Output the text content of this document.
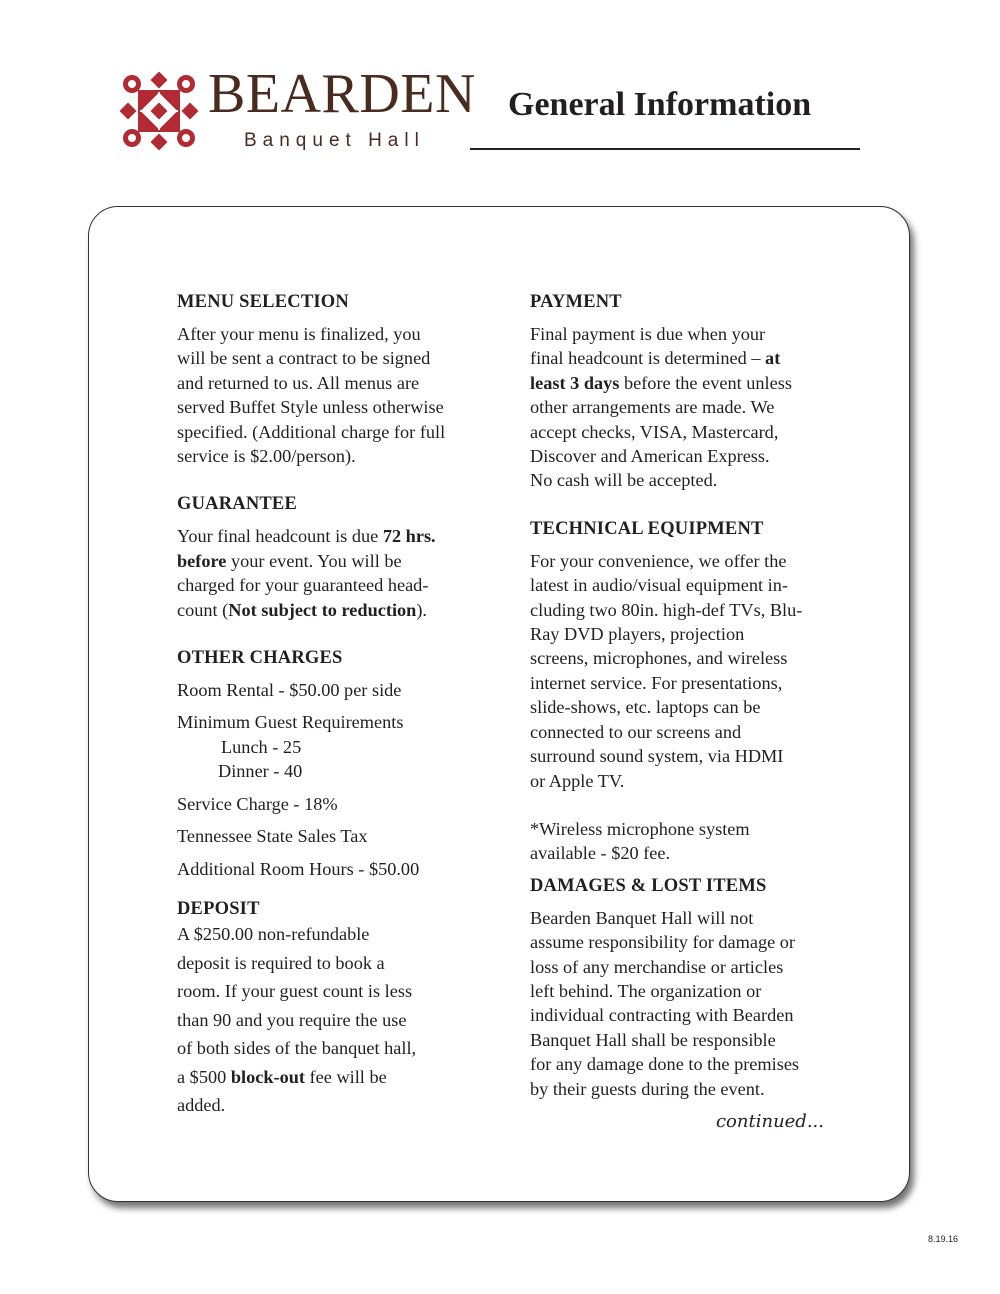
BEARDEN
Banquet Hall
General Information
MENU SELECTION

After your menu is finalized, you
will be sent a contract to be signed
and returned to us. All menus are
served Buffet Style unless otherwise
specified. (Additional charge for full
service is $2.00/person).

GUARANTEE

Your final headcount is due 72 hrs.
before your event. You will be
charged for your guaranteed head-
count (Not subject to reduction).

OTHER CHARGES
Room Rental - $50.00 per side
Minimum Guest Requirements
Lunch - 25
Dinner - 40
Service Charge - 18%
Tennessee State Sales Tax
Additional Room Hours - $50.00
DEPOSIT

A $250.00 non-refundable
deposit is required to book a
room. If your guest count is less
than 90 and you require the use
of both sides of the banquet hall,
a $500 block-out fee will be
added.

PAYMENT

Final payment is due when your
final headcount is determined – at
least 3 days before the event unless
other arrangements are made. We
accept checks, VISA, Mastercard,
Discover and American Express.
No cash will be accepted.

TECHNICAL EQUIPMENT

For your convenience, we offer the
latest in audio/visual equipment in-
cluding two 80in. high-def TVs, Blu-
Ray DVD players, projection
screens, microphones, and wireless
internet service. For presentations,
slide-shows, etc. laptops can be
connected to our screens and
surround sound system, via HDMI
or Apple TV.

*Wireless microphone system
available - $20 fee.

DAMAGES & LOST ITEMS

Bearden Banquet Hall will not
assume responsibility for damage or
loss of any merchandise or articles
left behind. The organization or
individual contracting with Bearden
Banquet Hall shall be responsible
for any damage done to the premises
by their guests during the event.

continued...
8.19.16
